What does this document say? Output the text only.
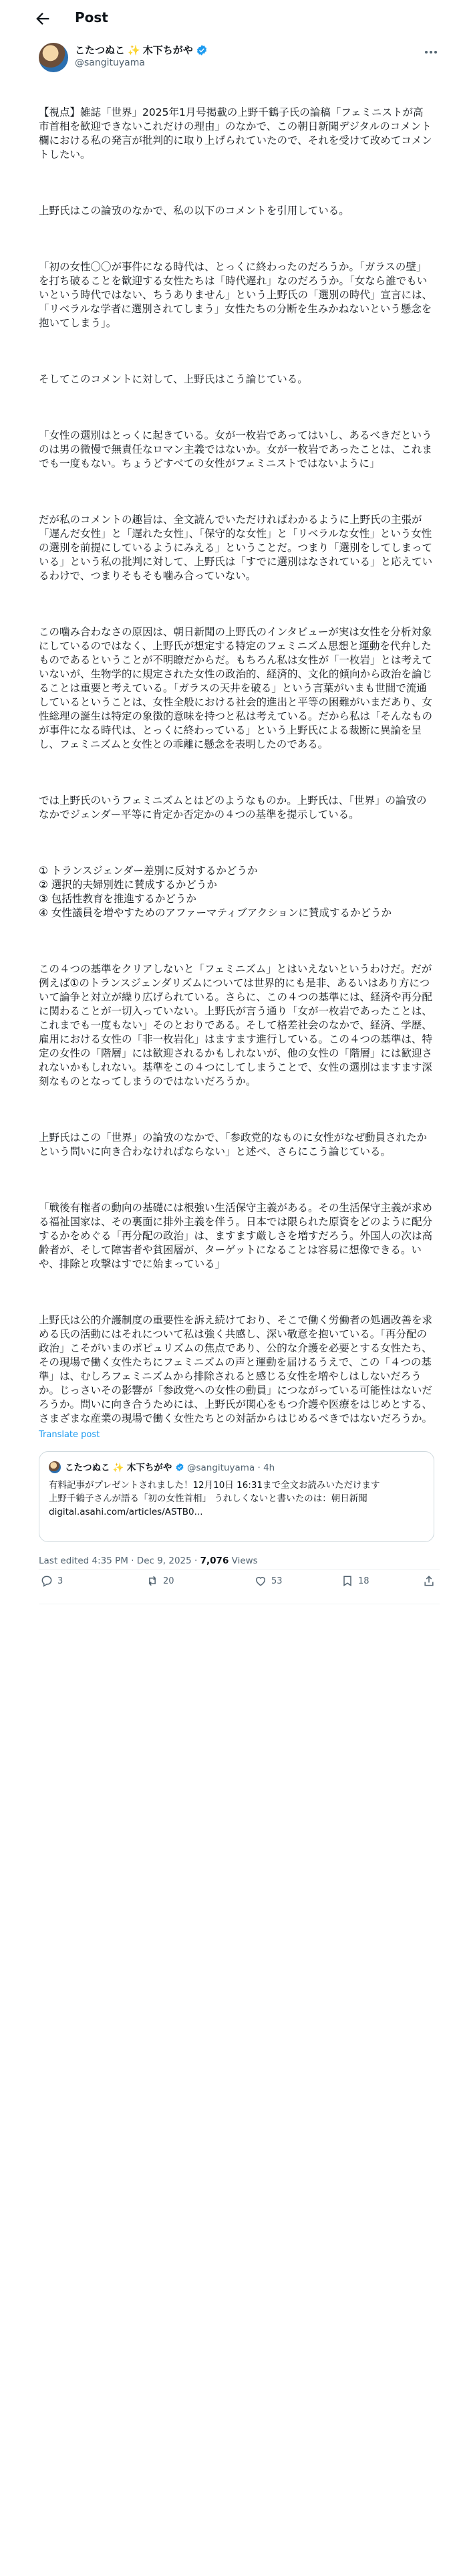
Post
こたつぬこ ✨ 木下ちがや
@sangituyama

【視点】雑誌「世界」2025年1月号掲載の上野千鶴子氏の論稿「フェミニストが高市首相を歓迎できないこれだけの理由」のなかで、この朝日新聞デジタルのコメント欄における私の発言が批判的に取り上げられていたので、それを受けて改めてコメントしたい。

上野氏はこの論攷のなかで、私の以下のコメントを引用している。

「初の女性〇〇が事件になる時代は、とっくに終わったのだろうか。「ガラスの壁」を打ち破ることを歓迎する女性たちは「時代遅れ」なのだろうか。「女なら誰でもいいという時代ではない、ちうありません」という上野氏の「選別の時代」宣言には、「リベラルな学者に選別されてしまう」女性たちの分断を生みかねないという懸念を抱いてしまう」。

そしてこのコメントに対して、上野氏はこう論じている。

「女性の選別はとっくに起きている。女が一枚岩であってはいし、あるべきだというのは男の微慢で無責任なロマン主義ではないか。女が一枚岩であったことは、これまでも一度もない。ちょうどすべての女性がフェミニストではないように」

だが私のコメントの趣旨は、全文読んでいただければわかるように上野氏の主張が「遅んだ女性」と「遅れた女性」、「保守的な女性」と「リベラルな女性」という女性の選別を前提にしているようにみえる」ということだ。つまり「選別をしてしまっている」という私の批判に対して、上野氏は「すでに選別はなされている」と応えているわけで、つまりそもそも噛み合っていない。

この噛み合わなさの原因は、朝日新聞の上野氏のインタビューが実は女性を分析対象にしているのではなく、上野氏が想定する特定のフェミニズム思想と運動を代弁したものであるということが不明瞭だからだ。もちろん私は女性が「一枚岩」とは考えていないが、生物学的に規定された女性の政治的、経済的、文化的傾向から政治を論じることは重要と考えている。「ガラスの天井を破る」という言葉がいまも世間で流通しているということは、女性全般における社会的進出と平等の困難がいまだあり、女性総理の誕生は特定の象徴的意味を持つと私は考えている。だから私は「そんなものが事件になる時代は、とっくに終わっている」という上野氏による裁断に異論を呈し、フェミニズムと女性との乖離に懸念を表明したのである。

では上野氏のいうフェミニズムとはどのようなものか。上野氏は、「世界」の論攷のなかでジェンダー平等に肯定か否定かの４つの基準を提示している。

① トランスジェンダー差別に反対するかどうか
② 選択的夫婦別姓に賛成するかどうか
③ 包括性教育を推進するかどうか
④ 女性議員を増やすためのアファーマティブアクションに賛成するかどうか

この４つの基準をクリアしないと「フェミニズム」とはいえないというわけだ。だが例えば①のトランスジェンダリズムについては世界的にも是非、あるいはあり方について論争と対立が繰り広げられている。さらに、この４つの基準には、経済や再分配に関わることが一切入っていない。上野氏が言う通り「女が一枚岩であったことは、これまでも一度もない」そのとおりである。そして格差社会のなかで、経済、学歴、雇用における女性の「非一枚岩化」はますます進行している。この４つの基準は、特定の女性の「階層」には歓迎されるかもしれないが、他の女性の「階層」には歓迎されないかもしれない。基準をこの４つにしてしまうことで、女性の選別はますます深刻なものとなってしまうのではないだろうか。

上野氏はこの「世界」の論攷のなかで、「参政党的なものに女性がなぜ動員されたかという問いに向き合わなければならない」と述べ、さらにこう論じている。

「戦後有権者の動向の基礎には根強い生活保守主義がある。その生活保守主義が求める福祉国家は、その裏面に排外主義を伴う。日本では限られた原資をどのように配分するかをめぐる「再分配の政治」は、ますます厳しさを増すだろう。外国人の次は高齢者が、そして障害者や貧困層が、ターゲットになることは容易に想像できる。いや、排除と攻撃はすでに始まっている」

上野氏は公的介護制度の重要性を訴え続けており、そこで働く労働者の処遇改善を求める氏の活動にはそれについて私は強く共感し、深い敬意を抱いている。「再分配の政治」こそがいまのポピュリズムの焦点であり、公的な介護を必要とする女性たち、その現場で働く女性たちにフェミニズムの声と運動を届けるうえで、この「４つの基準」は、むしろフェミニズムから排除されると感じる女性を増やしはしないだろうか。じっさいその影響が「参政党への女性の動員」につながっている可能性はないだろうか。問いに向き合うためには、上野氏が関心をもつ介護や医療をはじめとする、さまざまな産業の現場で働く女性たちとの対話からはじめるべきではないだろうか。

Translate post
こたつぬこ ✨ 木下ちがや @sangituyama · 4h
有料記事がプレゼントされました！12月10日 16:31まで全文お読みいただけます
上野千鶴子さんが語る「初の女性首相」 うれしくないと書いたのは：朝日新聞
digital.asahi.com/articles/ASTB0...
Last edited 4:35 PM · Dec 9, 2025 · 7,076 Views
3	20	53	18
